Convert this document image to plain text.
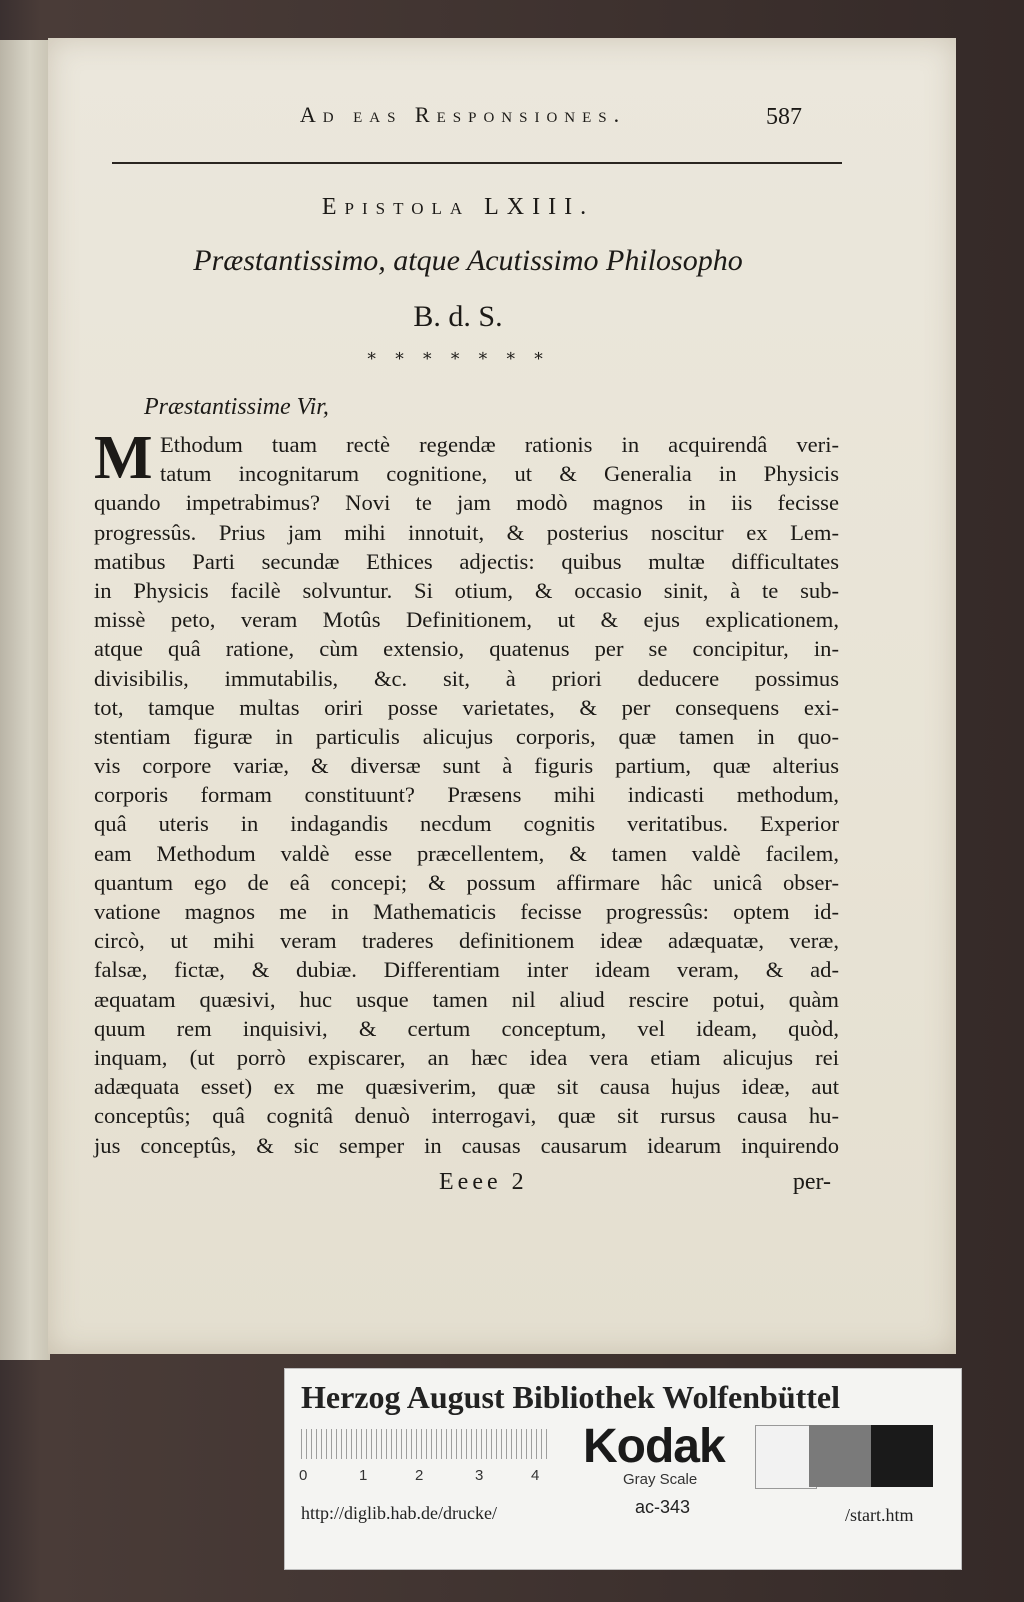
Ad eas Responsiones.	587
Epistola LXIII.
Præstantissimo, atque Acutissimo Philosopho
B. d. S.
∗ ∗ ∗ ∗ ∗ ∗ ∗
Præstantissime Vir,
M Ethodum tuam rectè regendæ rationis in acquirendâ veri-
tatum incognitarum cognitione, ut & Generalia in Physicis
quando impetrabimus? Novi te jam modò magnos in iis fecisse
progressûs. Prius jam mihi innotuit, & posterius noscitur ex Lem-
matibus Parti secundæ Ethices adjectis: quibus multæ difficultates
in Physicis facilè solvuntur. Si otium, & occasio sinit, à te sub-
missè peto, veram Motûs Definitionem, ut & ejus explicationem,
atque quâ ratione, cùm extensio, quatenus per se concipitur, in-
divisibilis, immutabilis, &c. sit, à priori deducere possimus
tot, tamque multas oriri posse varietates, & per consequens exi-
stentiam figuræ in particulis alicujus corporis, quæ tamen in quo-
vis corpore variæ, & diversæ sunt à figuris partium, quæ alterius
corporis formam constituunt? Præsens mihi indicasti methodum,
quâ uteris in indagandis necdum cognitis veritatibus. Experior
eam Methodum valdè esse præcellentem, & tamen valdè facilem,
quantum ego de eâ concepi; & possum affirmare hâc unicâ obser-
vatione magnos me in Mathematicis fecisse progressûs: optem id-
circò, ut mihi veram traderes definitionem ideæ adæquatæ, veræ,
falsæ, fictæ, & dubiæ. Differentiam inter ideam veram, & ad-
æquatam quæsivi, huc usque tamen nil aliud rescire potui, quàm
quum rem inquisivi, & certum conceptum, vel ideam, quòd,
inquam, (ut porrò expiscarer, an hæc idea vera etiam alicujus rei
adæquata esset) ex me quæsiverim, quæ sit causa hujus ideæ, aut
conceptûs; quâ cognitâ denuò interrogavi, quæ sit rursus causa hu-
jus conceptûs, & sic semper in causas causarum idearum inquirendo
Eeee 2	per-
Herzog August Bibliothek Wolfenbüttel
0	1	2	3	4
Kodak
Gray Scale
http://diglib.hab.de/drucke/	ac-343	/start.htm
